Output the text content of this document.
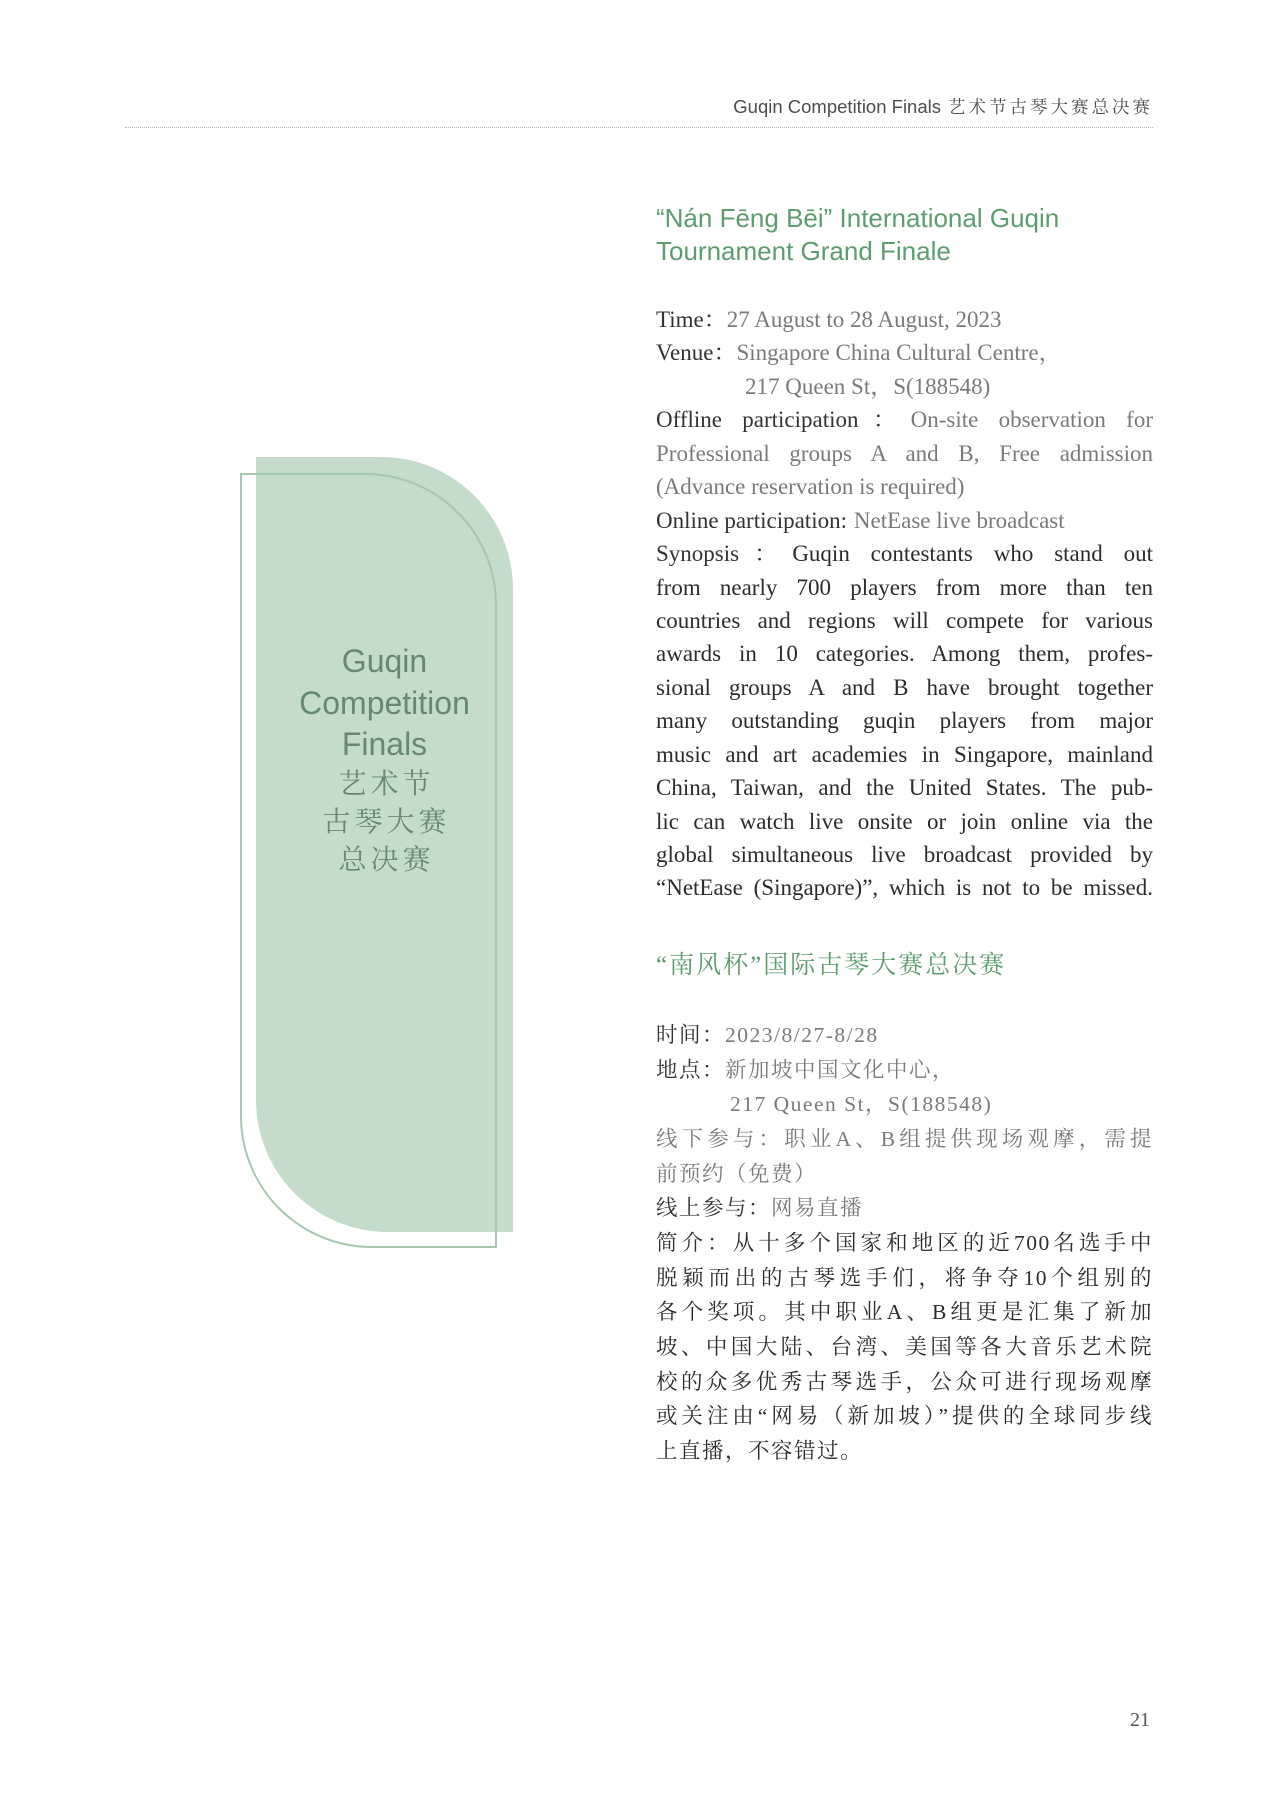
Guqin Competition Finals 艺术节古琴大赛总决赛
Guqin
Competition
Finals
艺术节
古琴大赛
总决赛
“Nán Fēng Bēi” International Guqin
Tournament Grand Finale
Time：27 August to 28 August, 2023
Venue：Singapore China Cultural Centre，
217 Queen St，S(188548)
Offline participation：On-site observation for
Professional groups A and B, Free admission
(Advance reservation is required)
Online participation: NetEase live broadcast
Synopsis：Guqin contestants who stand out
from nearly 700 players from more than ten
countries and regions will compete for various
awards in 10 categories. Among them, profes-
sional groups A and B have brought together
many outstanding guqin players from major
music and art academies in Singapore, mainland
China, Taiwan, and the United States. The pub-
lic can watch live onsite or join online via the
global simultaneous live broadcast provided by
“NetEase (Singapore)”, which is not to be missed.
“南风杯”国际古琴大赛总决赛
时间：2023/8/27-8/28
地点：新加坡中国文化中心，
217 Queen St，S(188548)
线下参与：职业A、B组提供现场观摩，需提
前预约（免费）
线上参与：网易直播
简介：从十多个国家和地区的近700名选手中
脱颖而出的古琴选手们，将争夺10个组别的
各个奖项。其中职业A、B组更是汇集了新加
坡、中国大陆、台湾、美国等各大音乐艺术院
校的众多优秀古琴选手，公众可进行现场观摩
或关注由“网易（新加坡）”提供的全球同步线
上直播，不容错过。
21
